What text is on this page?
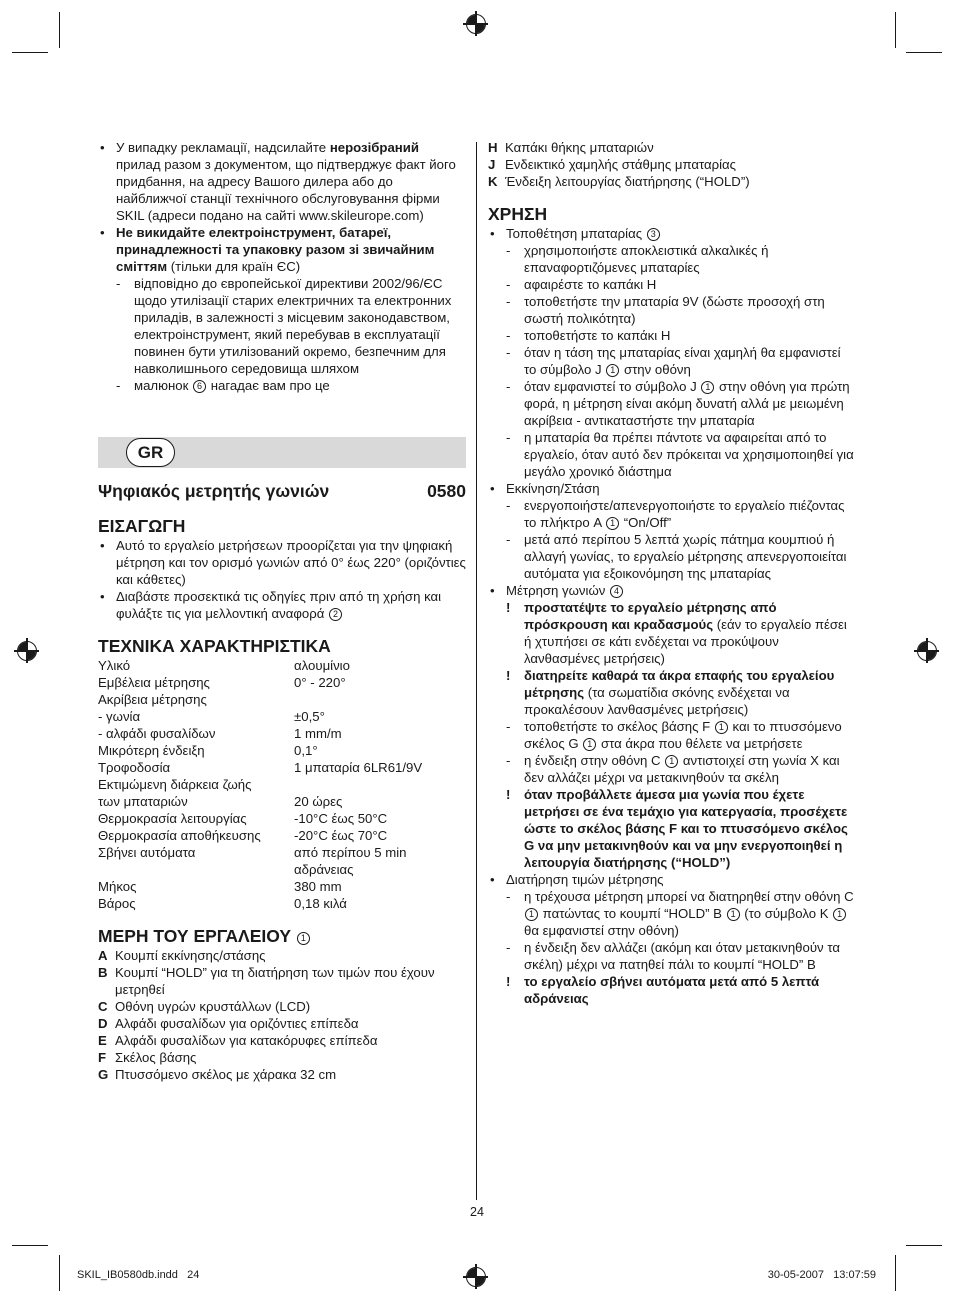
• У випадку рекламації, надсилайте нерозібраний прилад разом з документом, що підтверджує факт його придбання, на адресу Вашого дилера або до найближчої станції технічного обслуговування фірми SKIL (адреси подано на сайті www.skileurope.com)
• Не викидайте електроінструмент, батареї, принадлежності та упаковку разом зі звичайним сміттям (тільки для країн ЄС)
- відповідно до європейської директиви 2002/96/ЄС щодо утилізації старих електричних та електронних приладів, в залежності з місцевим законодавством, електроінструмент, який перебував в експлуатації повинен бути утилізований окремо, безпечним для навколишнього середовища шляхом
- малюнок 6 нагадає вам про це
GR
Ψηφιακός μετρητής γωνιών	0580
ΕΙΣΑΓΩΓΗ
• Αυτό το εργαλείο μετρήσεων προορίζεται για την ψηφιακή μέτρηση και τον ορισμό γωνιών από 0° έως 220° (οριζόντιες και κάθετες)
• Διαβάστε προσεκτικά τις οδηγίες πριν από τη χρήση και φυλάξτε τις για μελλοντική αναφορά 2
ΤΕΧΝΙΚΑ ΧΑΡΑΚΤΗΡΙΣΤΙΚΑ
Υλικό	αλουμίνιο
Εμβέλεια μέτρησης	0° - 220°
Ακρίβεια μέτρησης
- γωνία	±0,5°
- αλφάδι φυσαλίδων	1 mm/m
Μικρότερη ένδειξη	0,1°
Τροφοδοσία	1 μπαταρία 6LR61/9V
Εκτιμώμενη διάρκεια ζωής
των μπαταριών	20 ώρες
Θερμοκρασία λειτουργίας	-10°C έως 50°C
Θερμοκρασία αποθήκευσης	-20°C έως 70°C
Σβήνει αυτόματα	από περίπου 5 min
αδράνειας
Μήκος	380 mm
Βάρος	0,18 κιλά
ΜΕΡΗ ΤΟΥ ΕΡΓΑΛΕΙΟΥ 1
A Κουμπί εκκίνησης/στάσης
B Κουμπί “HOLD” για τη διατήρηση των τιμών που έχουν μετρηθεί
C Οθόνη υγρών κρυστάλλων (LCD)
D Αλφάδι φυσαλίδων για οριζόντιες επίπεδα
E Αλφάδι φυσαλίδων για κατακόρυφες επίπεδα
F Σκέλος βάσης
G Πτυσσόμενο σκέλος με χάρακα 32 cm
H Καπάκι θήκης μπαταριών
J Ενδεικτικό χαμηλής στάθμης μπαταρίας
K Ένδειξη λειτουργίας διατήρησης (“HOLD”)
ΧΡΗΣΗ
• Τοποθέτηση μπαταρίας 3
- χρησιμοποιήστε αποκλειστικά αλκαλικές ή επαναφορτιζόμενες μπαταρίες
- αφαιρέστε το καπάκι H
- τοποθετήστε την μπαταρία 9V (δώστε προσοχή στη σωστή πολικότητα)
- τοποθετήστε το καπάκι H
- όταν η τάση της μπαταρίας είναι χαμηλή θα εμφανιστεί το σύμβολο J 1 στην οθόνη
- όταν εμφανιστεί το σύμβολο J 1 στην οθόνη για πρώτη φορά, η μέτρηση είναι ακόμη δυνατή αλλά με μειωμένη ακρίβεια - αντικαταστήστε την μπαταρία
- η μπαταρία θα πρέπει πάντοτε να αφαιρείται από το εργαλείο, όταν αυτό δεν πρόκειται να χρησιμοποιηθεί για μεγάλο χρονικό διάστημα
• Εκκίνηση/Στάση
- ενεργοποιήστε/απενεργοποιήστε το εργαλείο πιέζοντας το πλήκτρο A 1 “On/Off”
- μετά από περίπου 5 λεπτά χωρίς πάτημα κουμπιού ή αλλαγή γωνίας, το εργαλείο μέτρησης απενεργοποιείται αυτόματα για εξοικονόμηση της μπαταρίας
• Μέτρηση γωνιών 4
! προστατέψτε το εργαλείο μέτρησης από πρόσκρουση και κραδασμούς (εάν το εργαλείο πέσει ή χτυπήσει σε κάτι ενδέχεται να προκύψουν λανθασμένες μετρήσεις)
! διατηρείτε καθαρά τα άκρα επαφής του εργαλείου μέτρησης (τα σωματίδια σκόνης ενδέχεται να προκαλέσουν λανθασμένες μετρήσεις)
- τοποθετήστε το σκέλος βάσης F 1 και το πτυσσόμενο σκέλος G 1 στα άκρα που θέλετε να μετρήσετε
- η ένδειξη στην οθόνη C 1 αντιστοιχεί στη γωνία X και δεν αλλάζει μέχρι να μετακινηθούν τα σκέλη
! όταν προβάλλετε άμεσα μια γωνία που έχετε μετρήσει σε ένα τεμάχιο για κατεργασία, προσέχετε ώστε το σκέλος βάσης F και το πτυσσόμενο σκέλος G να μην μετακινηθούν και να μην ενεργοποιηθεί η λειτουργία διατήρησης (“HOLD”)
• Διατήρηση τιμών μέτρησης
- η τρέχουσα μέτρηση μπορεί να διατηρηθεί στην οθόνη C 1 πατώντας το κουμπί “HOLD” B 1 (το σύμβολο K 1 θα εμφανιστεί στην οθόνη)
- η ένδειξη δεν αλλάζει (ακόμη και όταν μετακινηθούν τα σκέλη) μέχρι να πατηθεί πάλι το κουμπί “HOLD” B
! το εργαλείο σβήνει αυτόματα μετά από 5 λεπτά αδράνειας
24
SKIL_IB0580db.indd   24	30-05-2007   13:07:59
